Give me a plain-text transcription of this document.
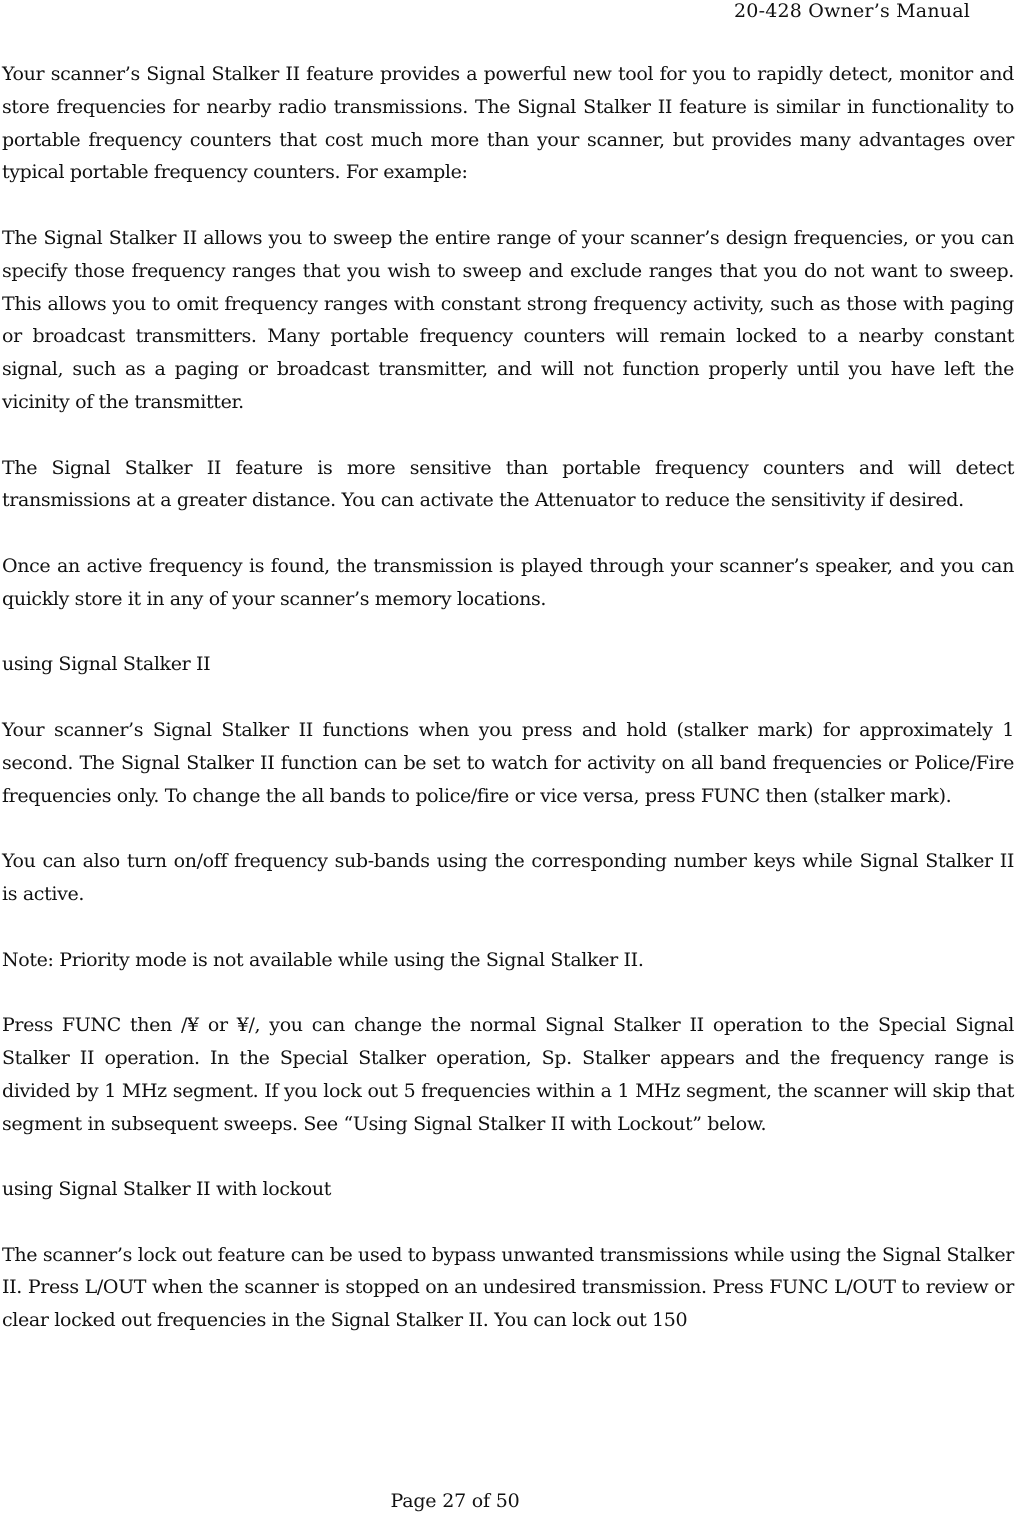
20-428 Owner’s Manual

Your scanner’s Signal Stalker II feature provides a powerful new tool for you to rapidly detect, monitor and store frequencies for nearby radio transmissions. The Signal Stalker II feature is similar in functionality to portable frequency counters that cost much more than your scanner, but provides many advantages over typical portable frequency counters. For example:

The Signal Stalker II allows you to sweep the entire range of your scanner’s design frequencies, or you can specify those frequency ranges that you wish to sweep and exclude ranges that you do not want to sweep. This allows you to omit frequency ranges with constant strong frequency activity, such as those with paging or broadcast transmitters. Many portable frequency counters will remain locked to a nearby constant signal, such as a paging or broadcast transmitter, and will not function properly until you have left the vicinity of the transmitter.

The Signal Stalker II feature is more sensitive than portable frequency counters and will detect transmissions at a greater distance. You can activate the Attenuator to reduce the sensitivity if desired.

Once an active frequency is found, the transmission is played through your scanner’s speaker, and you can quickly store it in any of your scanner’s memory locations.

using Signal Stalker II

Your scanner’s Signal Stalker II functions when you press and hold (stalker mark) for approximately 1 second. The Signal Stalker II function can be set to watch for activity on all band frequencies or Police/Fire frequencies only. To change the all bands to police/fire or vice versa, press FUNC then (stalker mark).

You can also turn on/off frequency sub-bands using the corresponding number keys while Signal Stalker II is active.

Note: Priority mode is not available while using the Signal Stalker II.

Press FUNC then /¥ or ¥/, you can change the normal Signal Stalker II operation to the Special Signal Stalker II operation. In the Special Stalker operation, Sp. Stalker appears and the frequency range is divided by 1 MHz segment. If you lock out 5 frequencies within a 1 MHz segment, the scanner will skip that segment in subsequent sweeps. See “Using Signal Stalker II with Lockout” below.

using Signal Stalker II with lockout

The scanner’s lock out feature can be used to bypass unwanted transmissions while using the Signal Stalker II. Press L/OUT when the scanner is stopped on an undesired transmission. Press FUNC L/OUT to review or clear locked out frequencies in the Signal Stalker II. You can lock out 150

Page 27 of 50
